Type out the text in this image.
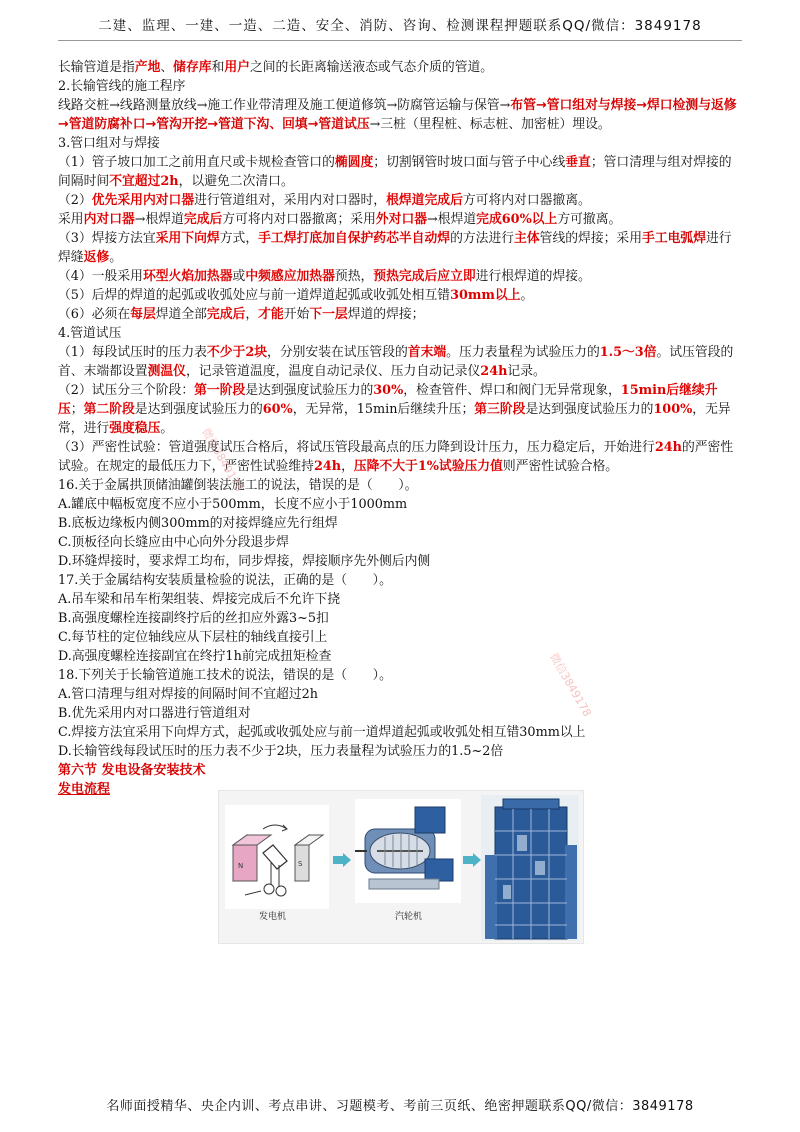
二建、监理、一建、一造、二造、安全、消防、咨询、检测课程押题联系QQ/微信：3849178

长输管道是指产地、储存库和用户之间的长距离输送液态或气态介质的管道。

2.长输管线的施工程序

线路交桩→线路测量放线→施工作业带清理及施工便道修筑→防腐管运输与保管→布管→管口组对与焊接→焊口检测与返修→管道防腐补口→管沟开挖→管道下沟、回填→管道试压→三桩（里程桩、标志桩、加密桩）埋设。

3.管口组对与焊接

（1）管子坡口加工之前用直尺或卡规检查管口的椭圆度；切割钢管时坡口面与管子中心线垂直；管口清理与组对焊接的间隔时间不宜超过2h，以避免二次清口。

（2）优先采用内对口器进行管道组对，采用内对口器时，根焊道完成后方可将内对口器撤离。

采用内对口器→根焊道完成后方可将内对口器撤离；采用外对口器→根焊道完成60%以上方可撤离。

（3）焊接方法宜采用下向焊方式，手工焊打底加自保护药芯半自动焊的方法进行主体管线的焊接；采用手工电弧焊进行焊缝返修。

（4）一般采用环型火焰加热器或中频感应加热器预热，预热完成后应立即进行根焊道的焊接。

（5）后焊的焊道的起弧或收弧处应与前一道焊道起弧或收弧处相互错30mm以上。

（6）必须在每层焊道全部完成后，才能开始下一层焊道的焊接；

4.管道试压

（1）每段试压时的压力表不少于2块，分别安装在试压管段的首末端。压力表量程为试验压力的1.5～3倍。试压管段的首、末端都设置测温仪，记录管道温度，温度自动记录仪、压力自动记录仪24h记录。

（2）试压分三个阶段：第一阶段是达到强度试验压力的30%，检查管件、焊口和阀门无异常现象，15min后继续升压；第二阶段是达到强度试验压力的60%，无异常，15min后继续升压；第三阶段是达到强度试验压力的100%，无异常，进行强度稳压。

（3）严密性试验：管道强度试压合格后，将试压管段最高点的压力降到设计压力，压力稳定后，开始进行24h的严密性试验。在规定的最低压力下，严密性试验维持24h，压降不大于1%试验压力值则严密性试验合格。

16.关于金属拱顶储油罐倒装法施工的说法，错误的是（　　）。

A.罐底中幅板宽度不应小于500mm，长度不应小于1000mm

B.底板边缘板内侧300mm的对接焊缝应先行组焊

C.顶板径向长缝应由中心向外分段退步焊

D.环缝焊接时，要求焊工均布，同步焊接，焊接顺序先外侧后内侧

17.关于金属结构安装质量检验的说法，正确的是（　　）。

A.吊车梁和吊车桁架组装、焊接完成后不允许下挠

B.高强度螺栓连接副终拧后的丝扣应外露3~5扣

C.每节柱的定位轴线应从下层柱的轴线直接引上

D.高强度螺栓连接副宜在终拧1h前完成扭矩检查

18.下列关于长输管道施工技术的说法，错误的是（　　）。

A.管口清理与组对焊接的间隔时间不宜超过2h

B.优先采用内对口器进行管道组对

C.焊接方法宜采用下向焊方式，起弧或收弧处应与前一道焊道起弧或收弧处相互错30mm以上

D.长输管线每段试压时的压力表不少于2块，压力表量程为试验压力的1.5~2倍

第六节 发电设备安装技术

发电流程

N	S
发电机	汽轮机
微信3849178
微信3849178
名师面授精华、央企内训、考点串讲、习题模考、考前三页纸、绝密押题联系QQ/微信：3849178
